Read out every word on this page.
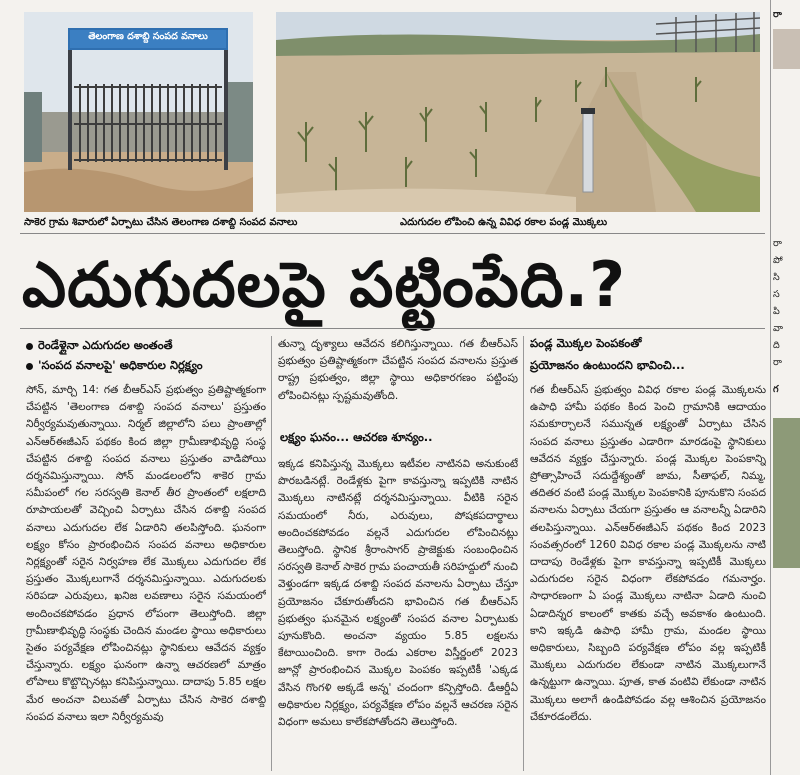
తెలంగాణ దశాబ్ది సంపద వనాలు
సాకెర గ్రామ శివారులో ఏర్పాటు చేసిన తెలంగాణ దశాబ్ది సంపద వనాలు	ఎదుగుదల లోపించి ఉన్న వివిధ రకాల పండ్ల మొక్కలు
ఎదుగుదలపై పట్టింపేది.?
రెండేళ్లైనా ఎదుగుదల అంతంతే
'సంపద వనాలపై' అధికారుల నిర్లక్ష్యం

సోన్, మార్చి 14: గత బీఆర్ఎస్ ప్రభుత్వం ప్రతిష్టాత్మకంగా చేపట్టిన 'తెలంగాణ దశాబ్ది సంపద వనాలు' ప్రస్తుతం నిర్వీర్యమవుతున్నాయి. నిర్మల్ జిల్లాలోని పలు ప్రాంతాల్లో ఎన్ఆర్ఈజీఎస్ పథకం కింద జిల్లా గ్రామీణాభివృద్ధి సంస్థ చేపట్టిన దశాబ్ది సంపద వనాలు ప్రస్తుతం వాడిపోయి దర్శనమిస్తున్నాయి. సోన్ మండలంలోని శాకెర గ్రామ సమీపంలో గల సరస్వతి కెనాల్ తీర ప్రాంతంలో లక్షలాది రూపాయలతో వెచ్చించి ఏర్పాటు చేసిన దశాబ్ది సంపద వనాలు ఎదుగుదల లేక ఏడారిని తలపిస్తోంది. ఘనంగా లక్ష్యం కోసం ప్రారంభించిన సంపద వనాలు అధికారుల నిర్లక్ష్యంతో సరైన నిర్వహణ లేక మొక్కలు ఎదుగుదల లేక ప్రస్తుతం మొక్కలుగానే దర్శనమిస్తున్నాయి. ఎదుగుదలకు సరిపడా ఎరువులు, ఖనిజ లవణాలు సరైన సమయంలో అందించకపోవడం ప్రధాన లోపంగా తెలుస్తోంది. జిల్లా గ్రామీణాభివృద్ధి సంస్థకు చెందిన మండల స్థాయి అధికారులు సైతం పర్యవేక్షణ లోపించినట్లు స్థానికులు ఆవేదన వ్యక్తం చేస్తున్నారు. లక్ష్యం ఘనంగా ఉన్నా ఆచరణలో మాత్రం లోపాలు కొట్టొచ్చినట్లు కనిపిస్తున్నాయి. దాదాపు 5.85 లక్షల మేర అంచనా విలువతో ఏర్పాటు చేసిన సాకెర దశాబ్ది సంపద వనాలు ఇలా నిర్వీర్యమవు

తున్నా దృశ్యాలు ఆవేదన కలిగిస్తున్నాయి. గత బీఆర్ఎస్ ప్రభుత్వం ప్రతిష్టాత్మకంగా చేపట్టిన సంపద వనాలను ప్రస్తుత రాష్ట్ర ప్రభుత్వం, జిల్లా స్థాయి అధికారగణం పట్టింపు లోపించినట్లు స్పష్టమవుతోంది.

లక్ష్యం ఘనం... ఆచరణ శూన్యం..

ఇక్కడ కనిపిస్తున్న మొక్కలు ఇటీవల నాటినవి అనుకుంటే పొరబడినట్లే. రెండేళ్లకు పైగా కావస్తున్నా ఇప్పటికి నాటిన మొక్కలు నాటినట్లే దర్శనమిస్తున్నాయి. వీటికి సరైన సమయంలో నీరు, ఎరువులు, పోషకపదార్థాలు అందించకపోవడం వల్లనే ఎదుగుదల లోపించినట్లు తెలుస్తోంది. స్థానిక శ్రీరాంసాగర్ ప్రాజెక్టుకు సంబంధించిన సరస్వతి కెనాల్ సాకెర గ్రామ పంచాయతీ సరిహద్దులో నుంచి వెళ్తుండగా ఇక్కడ దశాబ్ది సంపద వనాలను ఏర్పాటు చేస్తూ ప్రయోజనం చేకూరుతోందని భావించిన గత బీఆర్ఎస్ ప్రభుత్వం ఘనమైన లక్ష్యంతో సంపద వనాల ఏర్పాటుకు పూనుకొంది. అంచనా వ్యయం 5.85 లక్షలను కేటాయించింది. కాగా రెండు ఎకరాల విస్తీర్ణంలో 2023 జూన్లో ప్రారంభించిన మొక్కల పెంపకం ఇప్పటికీ 'ఎక్కడ వేసిన గొంగళి అక్కడే అన్న' చందంగా కన్పిస్తోంది. డీఆర్డీఏ అధికారుల నిర్లక్ష్యం, పర్యవేక్షణ లోపం వల్లనే ఆచరణ సరైన విధంగా అమలు కాలేకపోతోందని తెలుస్తోంది.

పండ్ల మొక్కల పెంపకంతో
ప్రయోజనం ఉంటుందని భావించి...

గత బీఆర్ఎస్ ప్రభుత్వం వివిధ రకాల పండ్ల మొక్కలను ఉపాధి హామీ పథకం కింద పెంచి గ్రామానికి ఆదాయం సమకూర్చాలనే సమున్నత లక్ష్యంతో ఏర్పాటు చేసిన సంపద వనాలు ప్రస్తుతం ఎడారిగా మారడంపై స్థానికులు ఆవేదన వ్యక్తం చేస్తున్నారు. పండ్ల మొక్కల పెంపకాన్ని ప్రోత్సాహించే సదుద్దేశ్యంతో జామ, సీతాఫల్, నిమ్మ, తదితర వంటి పండ్ల మొక్కల పెంపకానికి పూనుకొని సంపద వనాలను ఏర్పాటు చేయగా ప్రస్తుతం ఆ వనాలన్నీ ఏడారిని తలపిస్తున్నాయి. ఎన్ఆర్ఈజీఎస్ పథకం కింద 2023 సంవత్సరంలో 1260 వివిధ రకాల పండ్ల మొక్కలను నాటి దాదాపు రెండేళ్లకు పైగా కావస్తున్నా ఇప్పటికీ మొక్కలు ఎదుగుదల సరైన విధంగా లేకపోవడం గమనార్హం. సాధారణంగా ఏ పండ్ల మొక్కలు నాటినా ఏడాది నుంచి ఏడాదిన్నర కాలంలో కాతకు వచ్చే అవకాశం ఉంటుంది. కాని ఇక్కడి ఉపాధి హామీ గ్రామ, మండల స్థాయి అధికారులు, సిబ్బంది పర్యవేక్షణ లోపం వల్ల ఇప్పటికీ మొక్కలు ఎదుగుదల లేకుండా నాటిన మొక్కలుగానే ఉన్నట్టుగా ఉన్నాయి. పూత, కాత వంటివి లేకుండా నాటిన మొక్కలు అలాగే ఉండిపోవడం వల్ల ఆశించిన ప్రయోజనం చేకూరడంలేదు.

రా
రా
పో
సి
స
పి
వా
ది
రా
గ
